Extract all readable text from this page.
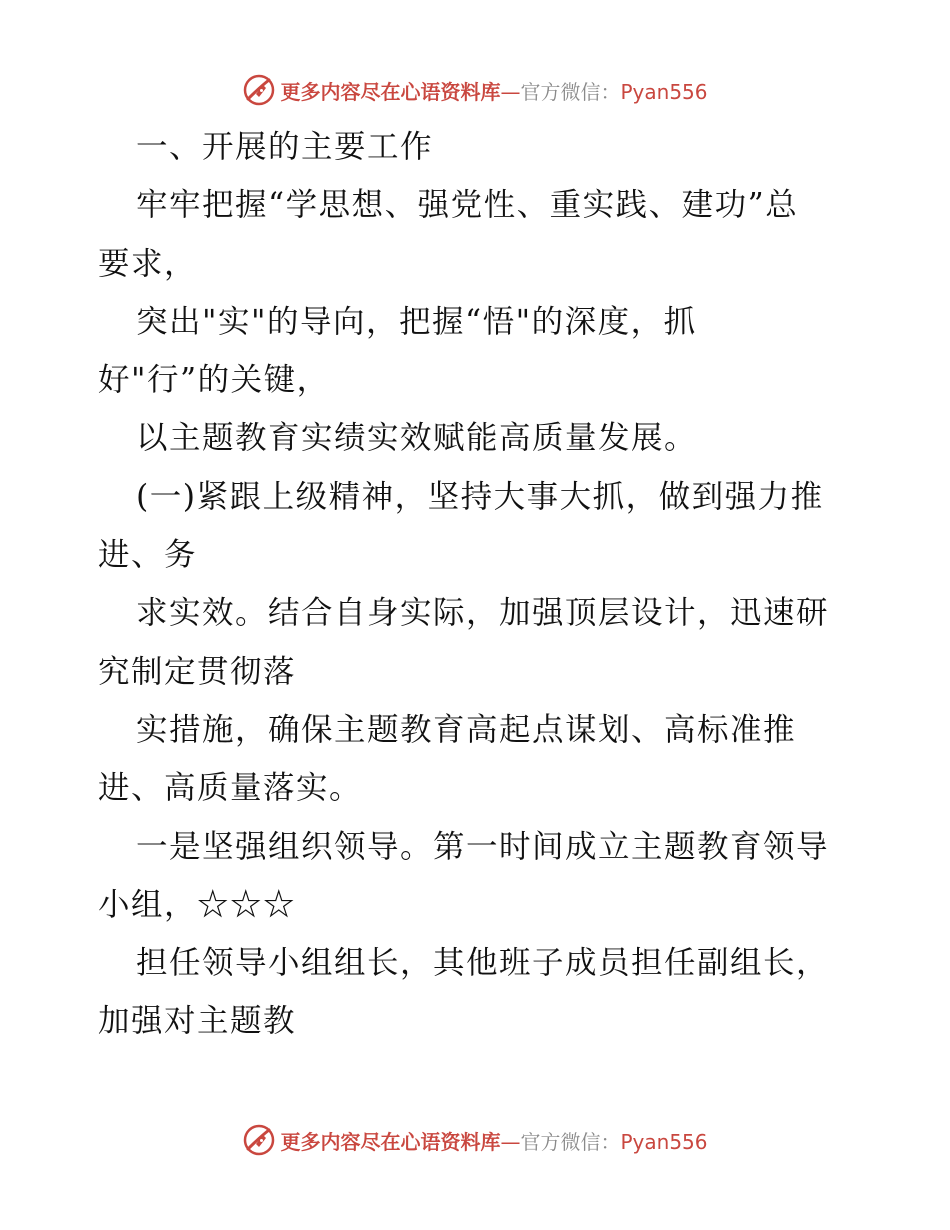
更多内容尽在心语资料库—官方微信：Pyan556
一、开展的主要工作
牢牢把握“学思想、强党性、重实践、建功”总
要求，
突出"实"的导向，把握“悟"的深度，抓
好"行”的关键，
以主题教育实绩实效赋能高质量发展。
(一)紧跟上级精神，坚持大事大抓，做到强力推
进、务
求实效。结合自身实际，加强顶层设计，迅速研
究制定贯彻落
实措施，确保主题教育高起点谋划、高标准推
进、高质量落实。
一是坚强组织领导。第一时间成立主题教育领导
小组，☆☆☆
担任领导小组组长，其他班子成员担任副组长，
加强对主题教
更多内容尽在心语资料库—官方微信：Pyan556
